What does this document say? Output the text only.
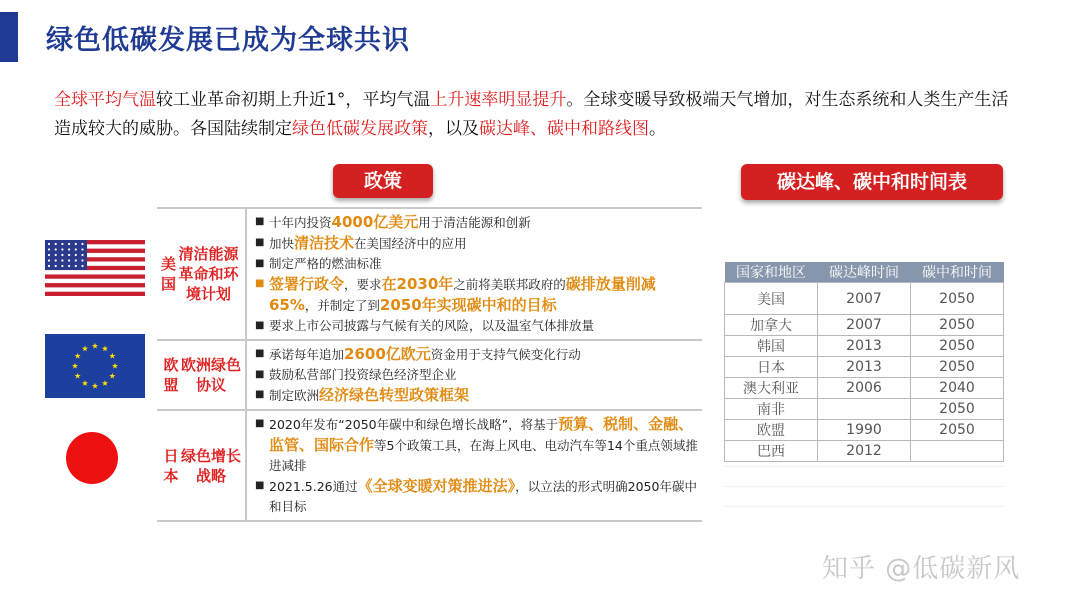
绿色低碳发展已成为全球共识
全球平均气温较工业革命初期上升近1°，平均气温上升速率明显提升。全球变暖导致极端天气增加，对生态系统和人类生产生活造成较大的威胁。各国陆续制定绿色低碳发展政策，以及碳达峰、碳中和路线图。
政策	碳达峰、碳中和时间表
美国
清洁能源革命和环境计划
■ 十年内投资4000亿美元用于清洁能源和创新
■ 加快清洁技术在美国经济中的应用
■ 制定严格的燃油标准
■ 签署行政令，要求在2030年之前将美联邦政府的碳排放量削减65%，并制定了到2050年实现碳中和的目标
■ 要求上市公司披露与气候有关的风险，以及温室气体排放量
欧盟
欧洲绿色协议
■ 承诺每年追加2600亿欧元资金用于支持气候变化行动
■ 鼓励私营部门投资绿色经济型企业
■ 制定欧洲经济绿色转型政策框架
日本
绿色增长战略
■ 2020年发布“2050年碳中和绿色增长战略”，将基于预算、税制、金融、监管、国际合作等5个政策工具，在海上风电、电动汽车等14个重点领域推进减排
■ 2021.5.26通过《全球变暖对策推进法》，以立法的形式明确2050年碳中和目标
国家和地区	碳达峰时间	碳中和时间
美国	2007	2050
加拿大	2007	2050
韩国	2013	2050
日本	2013	2050
澳大利亚	2006	2040
南非		2050
欧盟	1990	2050
巴西	2012	
知乎 @低碳新风
